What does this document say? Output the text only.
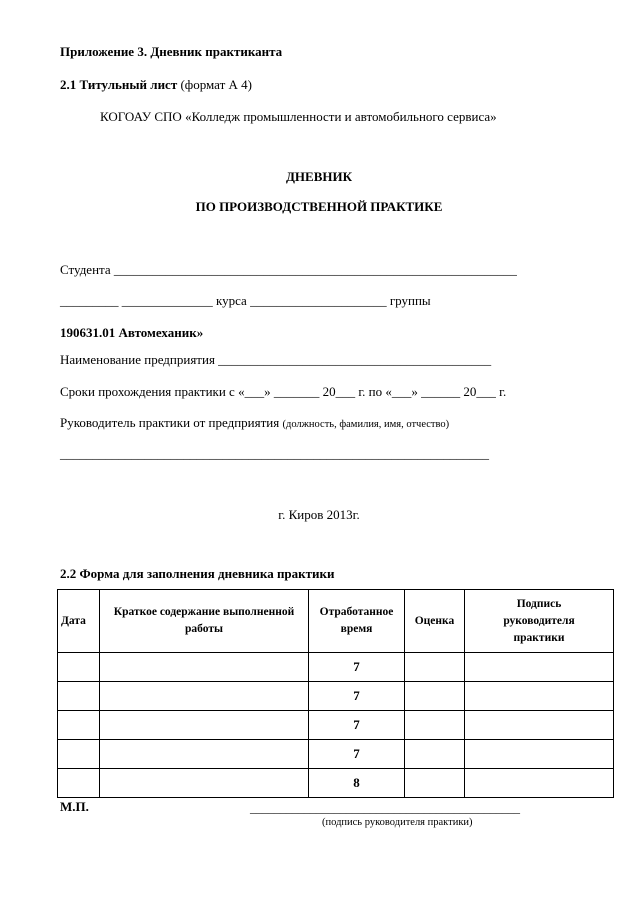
Приложение 3. Дневник практиканта
2.1 Титульный лист (формат А 4)
КОГОАУ СПО «Колледж промышленности и автомобильного сервиса»
ДНЕВНИК
ПО ПРОИЗВОДСТВЕННОЙ ПРАКТИКЕ
Студента ______________________________________________________________
_________ ______________ курса _____________________ группы
190631.01 Автомеханик»
Наименование предприятия __________________________________________
Сроки прохождения практики с «___» _______ 20___ г. по «___» ______ 20___ г.
Руководитель практики от предприятия (должность, фамилия, имя, отчество)
__________________________________________________________________
г. Киров 2013г.
2.2 Форма для заполнения дневника практики
Дата	Краткое содержание выполненной работы	Отработанное время	Оценка	Подпись руководителя практики
		7		
		7		
		7		
		7		
		8		
М.П.	_____________________________________________
(подпись руководителя практики)
